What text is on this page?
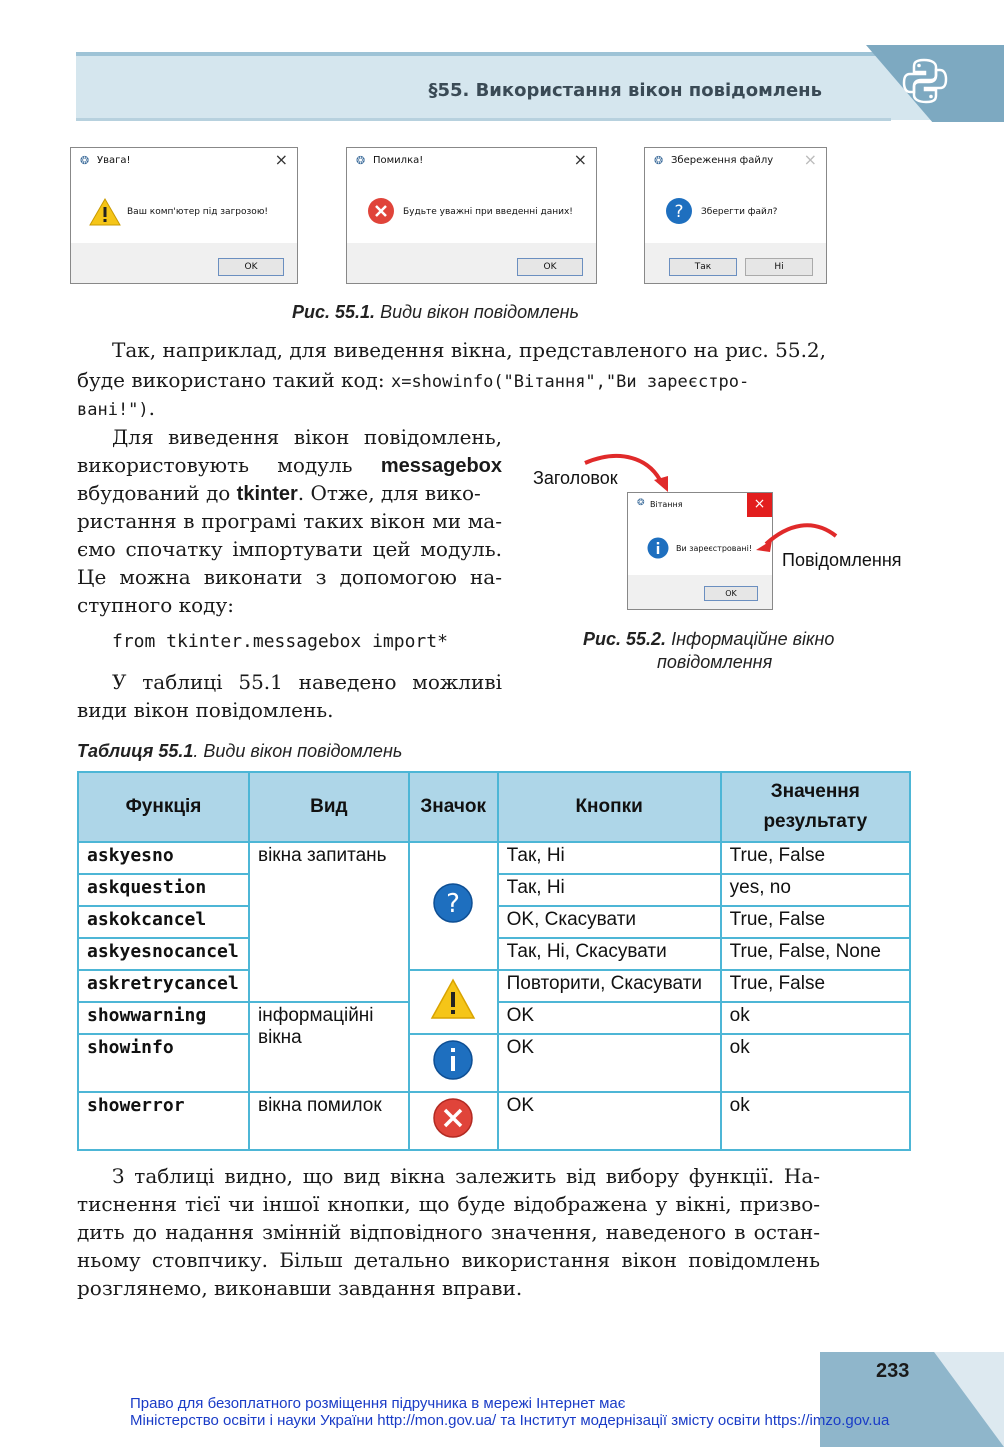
§55. Використання вікон повідомлень
❂ Увага!	×
Ваш комп'ютер під загрозою!
OK
❂ Помилка!	×
Будьте уважні при введенні даних!
OK
❂ Збереження файлу ×
? Зберегти файл?
Так	Ні
Рис. 55.1. Види вікон повідомлень
Так, наприклад, для виведення вікна, представленого на рис. 55.2,
буде використано такий код: x=showinfo("Вітання","Ви зареєстро-
вані!").
Для виведення вікон повідомлень,
використовують модуль messagebox
вбудований до tkinter. Отже, для вико-
ристання в програмі таких вікон ми ма-
ємо спочатку імпортувати цей модуль.
Це можна виконати з допомогою на-
ступного коду:
from tkinter.messagebox import*
У таблиці 55.1 наведено можливі
види вікон повідомлень.
Заголовок
Повідомлення
❂ Вітання	×
Ви зареєстровані!
OK
Рис. 55.2. Інформаційне вікно
повідомлення
Таблиця 55.1. Види вікон повідомлень
Функція	Вид	Значок	Кнопки	Значення результату
askyesno	вікна запитань	?	Так, Ні	True, False
askquestion			Так, Ні	yes, no
askokcancel			OK, Скасувати	True, False
askyesnocancel			Так, Ні, Скасувати	True, False, None
askretrycancel			Повторити, Скасувати	True, False
showwarning	інформаційні вікна		OK	ok
showinfo			OK	ok
showerror	вікна помилок		OK	ok
З таблиці видно, що вид вікна залежить від вибору функції. На-
тиснення тієї чи іншої кнопки, що буде відображена у вікні, призво-
дить до надання змінній відповідного значення, наведеного в остан-
ньому стовпчику. Більш детально використання вікон повідомлень
розглянемо, виконавши завдання вправи.
233
Право для безоплатного розміщення підручника в мережі Інтернет має
Міністерство освіти і науки України http://mon.gov.ua/ та Інститут модернізації змісту освіти https://imzo.gov.ua
